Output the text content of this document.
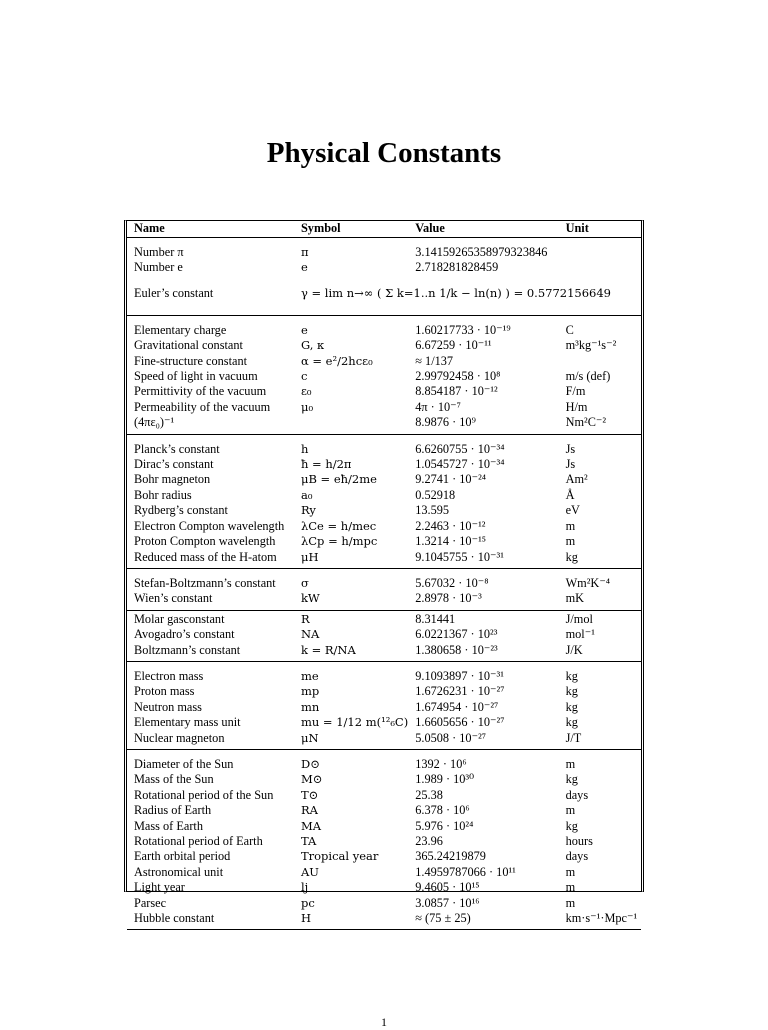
Physical Constants
Name	Symbol	Value	Unit
Number π	π	3.14159265358979323846	
Number e	e	2.718281828459	
Euler’s constant	γ = lim n→∞ ( Σ k=1..n 1/k − ln(n) ) = 0.5772156649		
Elementary charge	e	1.60217733 · 10⁻¹⁹	C
Gravitational constant	G, κ	6.67259 · 10⁻¹¹	m³kg⁻¹s⁻²
Fine-structure constant	α = e²/2hcε₀	≈ 1/137	
Speed of light in vacuum	c	2.99792458 · 10⁸	m/s (def)
Permittivity of the vacuum	ε₀	8.854187 · 10⁻¹²	F/m
Permeability of the vacuum	μ₀	4π · 10⁻⁷	H/m
(4πε₀)⁻¹		8.9876 · 10⁹	Nm²C⁻²
Planck’s constant	h	6.6260755 · 10⁻³⁴	Js
Dirac’s constant	ħ = h/2π	1.0545727 · 10⁻³⁴	Js
Bohr magneton	μB = eħ/2me	9.2741 · 10⁻²⁴	Am²
Bohr radius	a₀	0.52918	Å
Rydberg’s constant	Ry	13.595	eV
Electron Compton wavelength	λCe = h/mec	2.2463 · 10⁻¹²	m
Proton Compton wavelength	λCp = h/mpc	1.3214 · 10⁻¹⁵	m
Reduced mass of the H-atom	μH	9.1045755 · 10⁻³¹	kg
Stefan-Boltzmann’s constant	σ	5.67032 · 10⁻⁸	Wm²K⁻⁴
Wien’s constant	kW	2.8978 · 10⁻³	mK
Molar gasconstant	R	8.31441	J/mol
Avogadro’s constant	NA	6.0221367 · 10²³	mol⁻¹
Boltzmann’s constant	k = R/NA	1.380658 · 10⁻²³	J/K
Electron mass	me	9.1093897 · 10⁻³¹	kg
Proton mass	mp	1.6726231 · 10⁻²⁷	kg
Neutron mass	mn	1.674954 · 10⁻²⁷	kg
Elementary mass unit	mu = 1/12 m(¹²₆C)	1.6605656 · 10⁻²⁷	kg
Nuclear magneton	μN	5.0508 · 10⁻²⁷	J/T
Diameter of the Sun	D⊙	1392 · 10⁶	m
Mass of the Sun	M⊙	1.989 · 10³⁰	kg
Rotational period of the Sun	T⊙	25.38	days
Radius of Earth	RA	6.378 · 10⁶	m
Mass of Earth	MA	5.976 · 10²⁴	kg
Rotational period of Earth	TA	23.96	hours
Earth orbital period	Tropical year	365.24219879	days
Astronomical unit	AU	1.4959787066 · 10¹¹	m
Light year	lj	9.4605 · 10¹⁵	m
Parsec	pc	3.0857 · 10¹⁶	m
Hubble constant	H	≈ (75 ± 25)	km·s⁻¹·Mpc⁻¹
1
